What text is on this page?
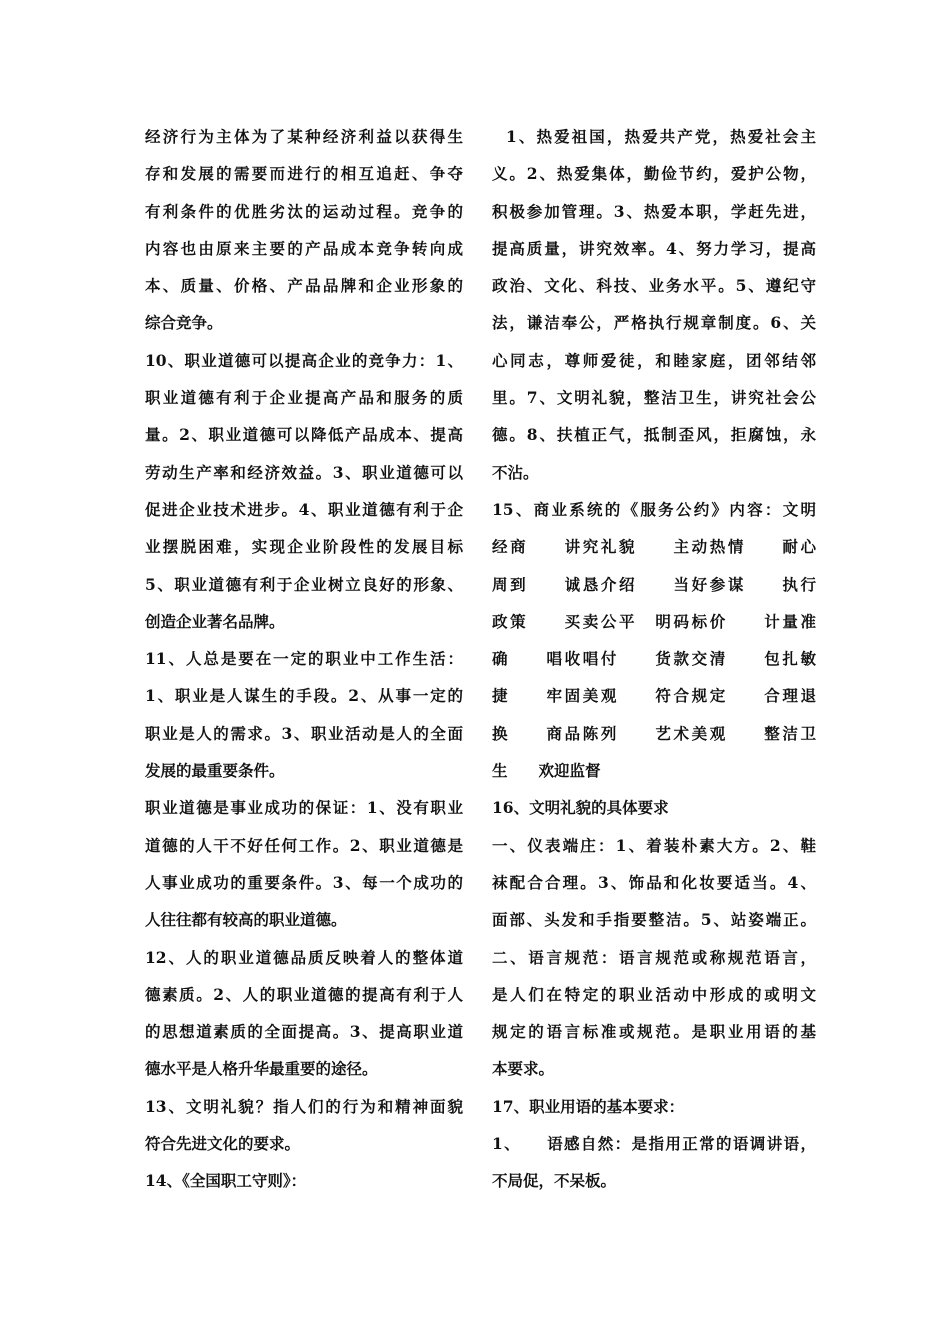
经济行为主体为了某种经济利益以获得生
存和发展的需要而进行的相互追赶、争夺
有利条件的优胜劣汰的运动过程。竞争的
内容也由原来主要的产品成本竞争转向成
本、质量、价格、产品品牌和企业形象的
综合竞争。
10、职业道德可以提高企业的竞争力：1、
职业道德有利于企业提高产品和服务的质
量。2、职业道德可以降低产品成本、提高
劳动生产率和经济效益。3、职业道德可以
促进企业技术进步。4、职业道德有利于企
业摆脱困难，实现企业阶段性的发展目标
5、职业道德有利于企业树立良好的形象、
创造企业著名品牌。
11、人总是要在一定的职业中工作生活：
1、职业是人谋生的手段。2、从事一定的
职业是人的需求。3、职业活动是人的全面
发展的最重要条件。
职业道德是事业成功的保证：1、没有职业
道德的人干不好任何工作。2、职业道德是
人事业成功的重要条件。3、每一个成功的
人往往都有较高的职业道德。
12、人的职业道德品质反映着人的整体道
德素质。2、人的职业道德的提高有利于人
的思想道素质的全面提高。3、提高职业道
德水平是人格升华最重要的途径。
13、文明礼貌？指人们的行为和精神面貌
符合先进文化的要求。
14、《全国职工守则》：
1、热爱祖国，热爱共产党，热爱社会主
义。2、热爱集体，勤俭节约，爱护公物，
积极参加管理。3、热爱本职，学赶先进，
提高质量，讲究效率。4、努力学习，提高
政治、文化、科技、业务水平。5、遵纪守
法，谦洁奉公，严格执行规章制度。6、关
心同志，尊师爱徒，和睦家庭，团邻结邻
里。7、文明礼貌，整洁卫生，讲究社会公
德。8、扶植正气，抵制歪风，拒腐蚀，永
不沾。
15、商业系统的《服务公约》内容：文明
经商　　讲究礼貌　　主动热情　　耐心
周到　　诚恳介绍　　当好参谋　　执行
政策　　买卖公平　明码标价　　计量准
确　　唱收唱付　　货款交清　　包扎敏
捷　　牢固美观　　符合规定　　合理退
换　　商品陈列　　艺术美观　　整洁卫
生　　欢迎监督
16、文明礼貌的具体要求
一、仪表端庄：1、着装朴素大方。2、鞋
袜配合合理。3、饰品和化妆要适当。4、
面部、头发和手指要整洁。5、站姿端正。
二、语言规范：语言规范或称规范语言，
是人们在特定的职业活动中形成的或明文
规定的语言标准或规范。是职业用语的基
本要求。
17、职业用语的基本要求：
1、　　语感自然：是指用正常的语调讲语，
不局促，不呆板。
